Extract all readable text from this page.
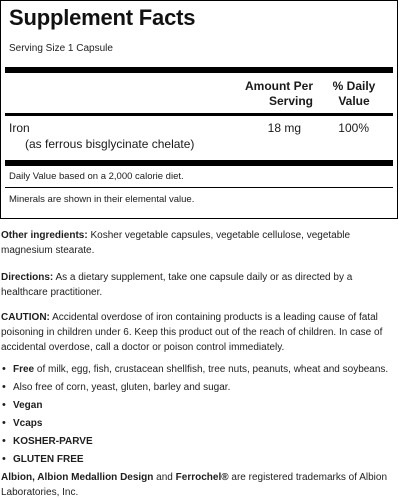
Supplement Facts
Serving Size 1 Capsule
Amount Per
Serving
% Daily
Value
Iron
(as ferrous bisglycinate chelate)
18 mg	100%
Daily Value based on a 2,000 calorie diet.
Minerals are shown in their elemental value.
Other ingredients: Kosher vegetable capsules, vegetable cellulose, vegetable magnesium stearate.
Directions: As a dietary supplement, take one capsule daily or as directed by a healthcare practitioner.
CAUTION: Accidental overdose of iron containing products is a leading cause of fatal poisoning in children under 6. Keep this product out of the reach of children. In case of accidental overdose, call a doctor or poison control immediately.
• Free of milk, egg, fish, crustacean shellfish, tree nuts, peanuts, wheat and soybeans.
• Also free of corn, yeast, gluten, barley and sugar.
• Vegan
• Vcaps
• KOSHER-PARVE
• GLUTEN FREE
Albion, Albion Medallion Design and Ferrochel® are registered trademarks of Albion Laboratories, Inc.
